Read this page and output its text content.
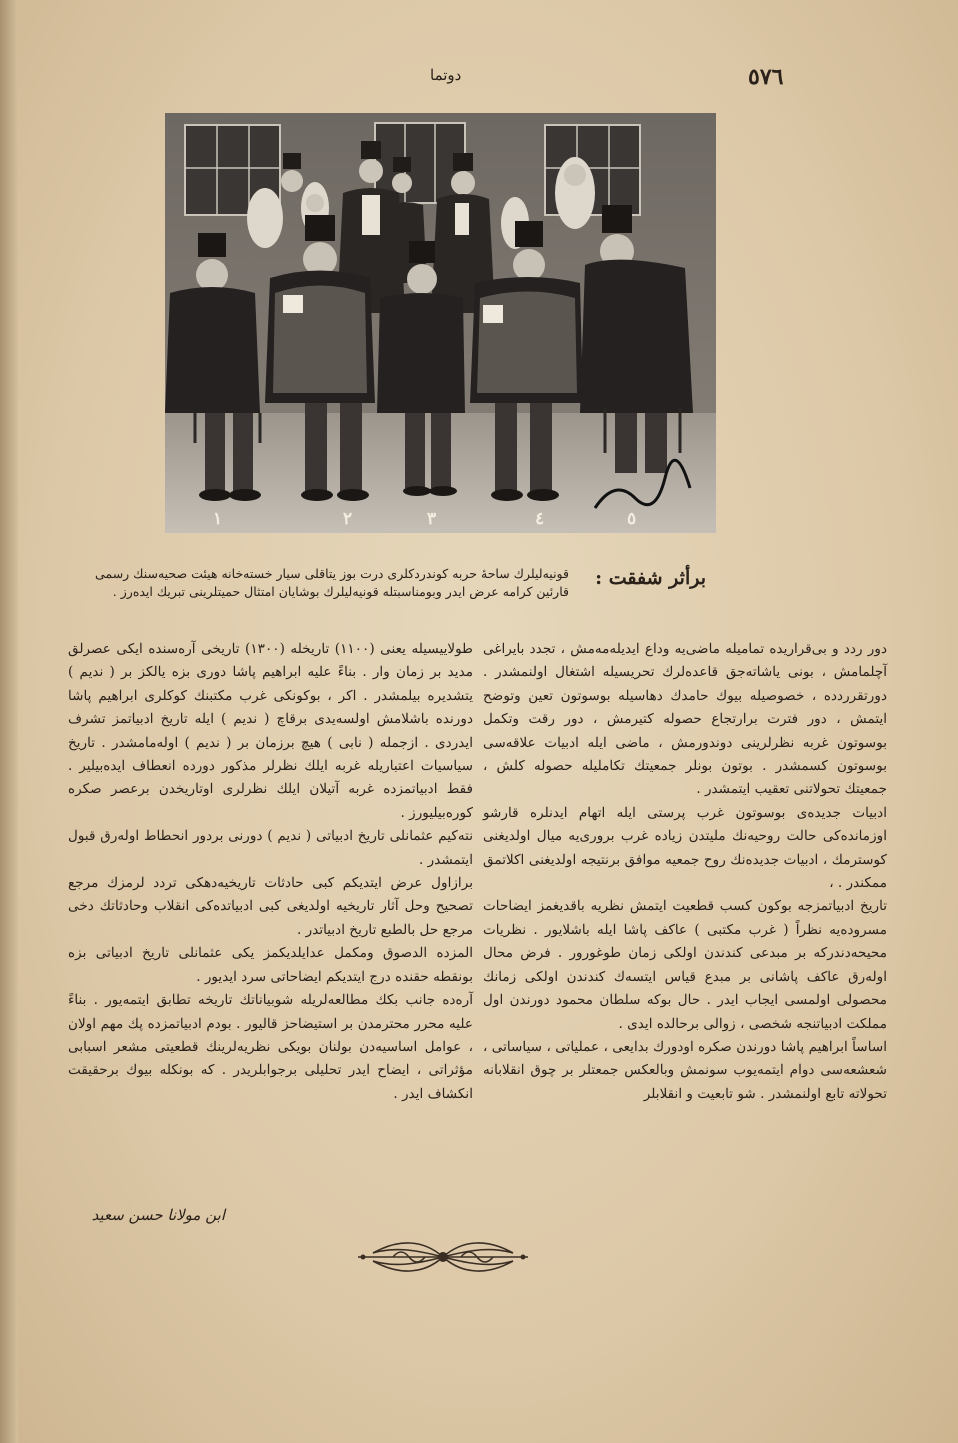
دوتما	٥٧٦
١	٢	٣	٤	٥
برأثر شفقت :
قونیه‌لیلرك ساحهٔ حربه كوندردكلری درت بوز یتاقلی سیار خسته‌خانه هیئت صحیه‌سنك رسمی
قارئین كرامه عرض ایدر وبومناسبتله قونیه‌لیلرك بوشایان امتثال حمیتلرینی تبریك ایده‌رز .

دور ردد و بی‌قرارید‌ه تمامیله ماضی‌یه وداع ایدیله‌مه‌مش ، تجدد بایراغی آچلمامش ، بونی یاشاته‌جق قاعده‌لرك تحریسیله اشتغال اولنمشدر . دورتقرردد‌ه ، خصوصیله بیوك حامدك دهاسیله بوسوتون تعین وتوضح ایتمش ، دور فترت برارتجاع حصوله كتیرمش ، دور رقت وتكمل بوسوتون غربه نظرلرینی دوندورمش ، ماضی ایله ادبیات علاقه‌سی بوسوتون كسمشدر . بوتون بونلر جمعیتك تكاملیله حصوله كلش ، جمعیتك تحولاتنی تعقیب ایتمشدر .

ادبیات جدیده‌ی بوسوتون غرب پرستی ایله اتهام ایدنلره قارشو اوزمانده‌كی حالت روحیه‌نك ملیتدن زیاده غرب بروری‌یه میال اولدیغنی كوسترمك ، ادبیات جدیده‌نك روح جمعیه موافق برنتیجه اولدیغنی اكلاتمق ممكندر . ،

تاریخ ادبیاتمزجه بوكون كسب قطعیت ایتمش نظریه باقدیغمز ایضاحات مسروده‌یه نظراً ( غرب مكتبی ) عاكف پاشا ایله باشلایور . نظریات محیحه‌دندركه بر مبدعی كندندن اولكی زمان طوغورور . فرض محال اوله‌رق عاكف پاشانی بر مبدع قیاس ایتسه‌ك كندندن اولكی زمانك محصولی اولمسی ایجاب ایدر . حال بوكه سلطان محمود دورندن اول مملكت ادبیاتنجه شخصی ، زوالی برحالده ایدی .

اساساً ابراهیم پاشا دورندن صكره اودورك بدایعی ، عملیاتی ، سیاساتی ، شعشعه‌سی دوام ایتمه‌یوب سونمش وبالعكس جمعتلر بر چوق انقلابانه تحولاته تابع اولنمشدر . شو تابعیت و انقلابلر

طولاییسیله یعنی (١١٠٠) تاریخله (١٣٠٠) تاریخی آره‌سنده ایكی عصرلق مدید بر زمان وار . بناءً علیه ابراهیم پاشا دوری بزه یالكز بر ( ندیم ) یتشدیره بیلمشدر . اكر ، بوكونكی غرب مكتبنك كوكلری ابراهیم پاشا دورنده باشلامش اولسه‌یدی برقاچ ( ندیم ) ایله تاریخ ادبیاتمز تشرف ایدردی . ازجمله ( نابی ) هیچ برزمان بر ( ندیم ) اوله‌مامشدر . تاریخ سیاسیات اعتباریله غربه ایلك نظرلر مذكور دورده انعطاف ایده‌بیلیر . فقط ادبیاتمزده غربه آتیلان ایلك نظرلری اوتاریخدن برعصر صكره كوره‌بیلیورز .

نته‌كیم عثمانلی تاریخ ادبیاتی ( ندیم ) دورنی بردور انحطاط اوله‌رق قبول ایتمشدر .

برازاول عرض ایتدیكم كبی حادثات تاریخیه‌دهكی تردد لرمزك مرجع تصحیح وحل آثار تاریخیه اولدیغی كبی ادبیاتده‌كی انقلاب وحادثاتك دخی مرجع حل بالطبع تاریخ ادبیاتدر .

المزده الدصوق ومكمل عدایلدیكمز یكی عثمانلی تاریخ ادبیاتی بزه بونقطه حقنده درج ایتدیكم ایضاحاتی سرد ایدیور .

آره‌ده جانب بكك مطالعه‌لریله شوبیاناتك تاریخه تطابق ایتمه‌یور . بناءً علیه محرر محترمدن بر استیضاحز قالیور . بودم ادبیاتمزده پك مهم اولان ، عوامل اساسیه‌دن بولنان بویكی نظریه‌لرینك قطعیتی مشعر اسبابی مؤثراتی ، ایضاح ایدر تحلیلی برجوابلریدر . كه بونكله بیوك برحقیقت انكشاف ایدر .

ابن مولانا حسن سعید
